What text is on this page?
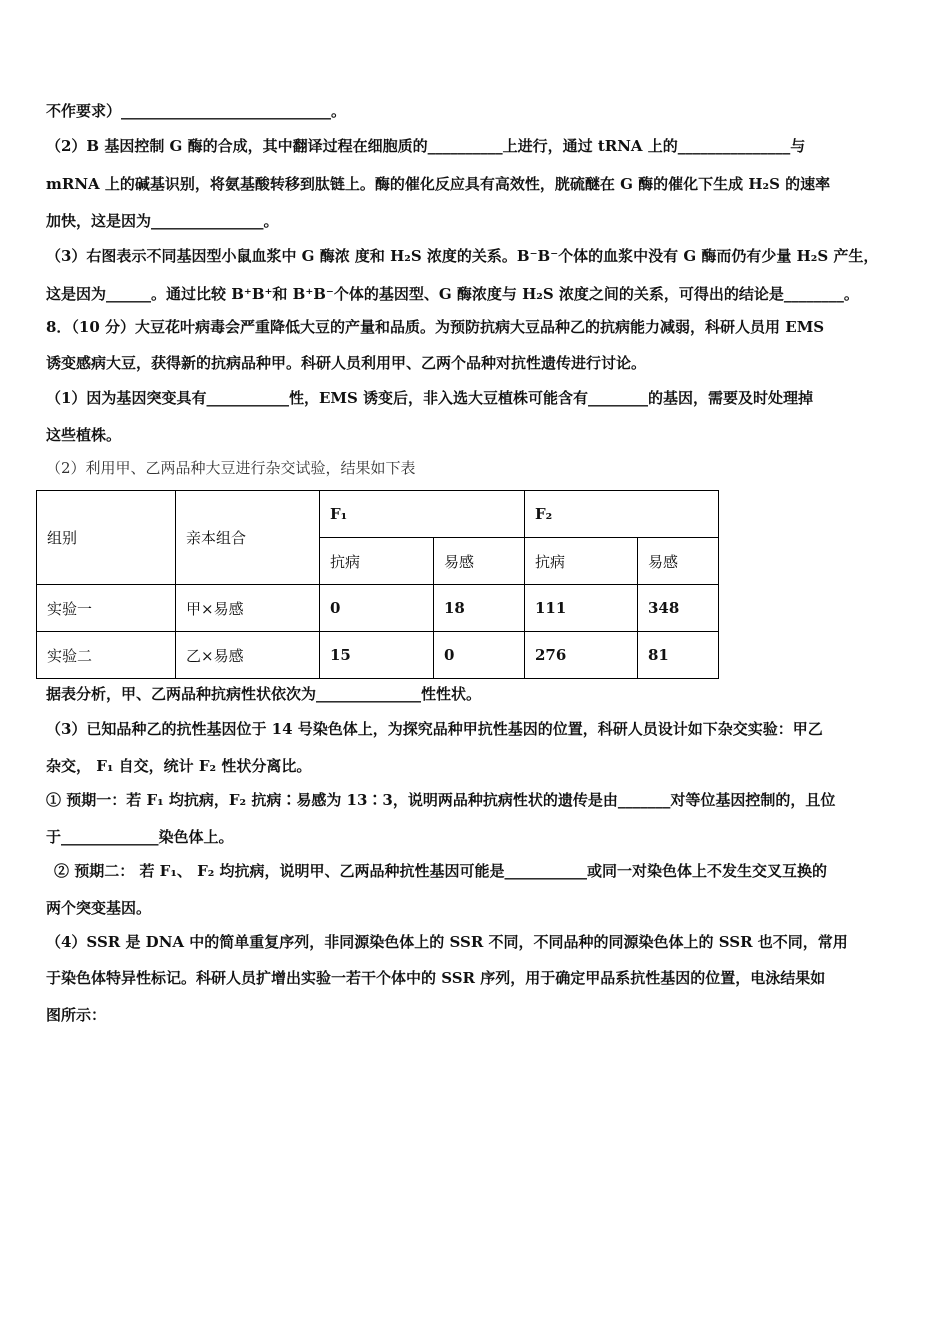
不作要求）____________________________。
（2）B 基因控制 G 酶的合成，其中翻译过程在细胞质的__________上进行，通过 tRNA 上的_______________与
mRNA 上的碱基识别，将氨基酸转移到肽链上。酶的催化反应具有高效性，胱硫醚在 G 酶的催化下生成 H₂S 的速率
加快，这是因为_______________。
（3）右图表示不同基因型小鼠血浆中 G 酶浓 度和 H₂S 浓度的关系。B⁻B⁻个体的血浆中没有 G 酶而仍有少量 H₂S 产生，
这是因为______。通过比较 B⁺B⁺和 B⁺B⁻个体的基因型、G 酶浓度与 H₂S 浓度之间的关系，可得出的结论是________。
8．（10 分）大豆花叶病毒会严重降低大豆的产量和品质。为预防抗病大豆品种乙的抗病能力减弱，科研人员用 EMS
诱变感病大豆，获得新的抗病品种甲。科研人员利用甲、乙两个品种对抗性遗传进行讨论。
（1）因为基因突变具有___________性，EMS 诱变后，非入选大豆植株可能含有________的基因，需要及时处理掉
这些植株。
（2）利用甲、乙两品种大豆进行杂交试验，结果如下表
组别	亲本组合	F₁		F₂	
		抗病	易感	抗病	易感
实验一	甲×易感	0	18	111	348
实验二	乙×易感	15	0	276	81
据表分析，甲、乙两品种抗病性状依次为______________性性状。
（3）已知品种乙的抗性基因位于 14 号染色体上，为探究品种甲抗性基因的位置，科研人员设计如下杂交实验：甲乙
杂交， F₁ 自交，统计 F₂ 性状分离比。
① 预期一：若 F₁ 均抗病，F₂ 抗病∶易感为 13∶3，说明两品种抗病性状的遗传是由_______对等位基因控制的，且位
于_____________染色体上。
② 预期二： 若 F₁、 F₂ 均抗病，说明甲、乙两品种抗性基因可能是___________或同一对染色体上不发生交叉互换的
两个突变基因。
（4）SSR 是 DNA 中的简单重复序列，非同源染色体上的 SSR 不同，不同品种的同源染色体上的 SSR 也不同，常用
于染色体特异性标记。科研人员扩增出实验一若干个体中的 SSR 序列，用于确定甲品系抗性基因的位置，电泳结果如
图所示：
